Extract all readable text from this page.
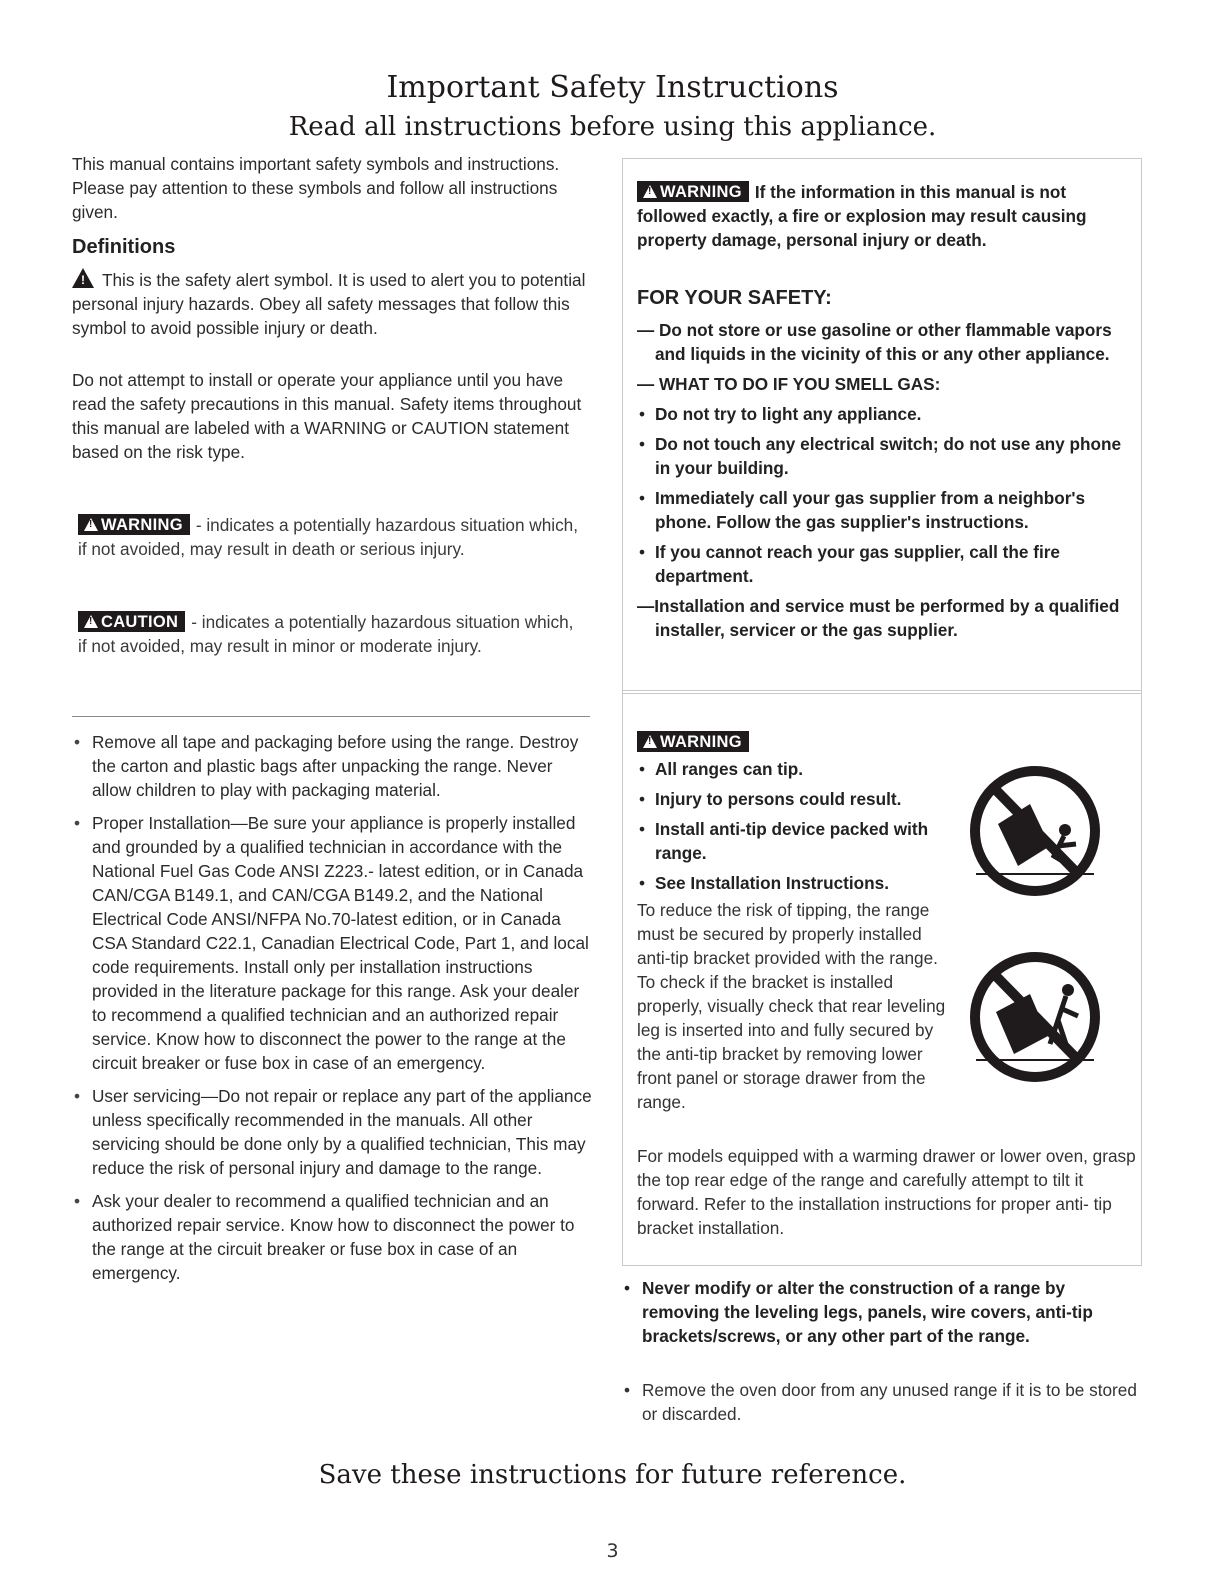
Important Safety Instructions
Read all instructions before using this appliance.
This manual contains important safety symbols and instructions. Please pay attention to these symbols and follow all instructions given.
Definitions
!This is the safety alert symbol. It is used to alert you to potential personal injury hazards. Obey all safety messages that follow this symbol to avoid possible injury or death.
Do not attempt to install or operate your appliance until you have read the safety precautions in this manual. Safety items throughout this manual are labeled with a WARNING or CAUTION statement based on the risk type.
!WARNING - indicates a potentially hazardous situation which, if not avoided, may result in death or serious injury.
!CAUTION - indicates a potentially hazardous situation which, if not avoided, may result in minor or moderate injury.
• Remove all tape and packaging before using the range. Destroy the carton and plastic bags after unpacking the range. Never allow children to play with packaging material.
• Proper Installation—Be sure your appliance is properly installed and grounded by a qualified technician in accordance with the National Fuel Gas Code ANSI Z223.- latest edition, or in Canada CAN/CGA B149.1, and CAN/CGA B149.2, and the National Electrical Code ANSI/NFPA No.70-latest edition, or in Canada CSA Standard C22.1, Canadian Electrical Code, Part 1, and local code requirements. Install only per installation instructions provided in the literature package for this range. Ask your dealer to recommend a qualified technician and an authorized repair service. Know how to disconnect the power to the range at the circuit breaker or fuse box in case of an emergency.
• User servicing—Do not repair or replace any part of the appliance unless specifically recommended in the manuals. All other servicing should be done only by a qualified technician, This may reduce the risk of personal injury and damage to the range.
• Ask your dealer to recommend a qualified technician and an authorized repair service. Know how to disconnect the power to the range at the circuit breaker or fuse box in case of an emergency.
!WARNING If the information in this manual is not followed exactly, a fire or explosion may result causing property damage, personal injury or death.
FOR YOUR SAFETY:
— Do not store or use gasoline or other flammable vapors and liquids in the vicinity of this or any other appliance.
— WHAT TO DO IF YOU SMELL GAS:
• Do not try to light any appliance.
• Do not touch any electrical switch; do not use any phone in your building.
• Immediately call your gas supplier from a neighbor's phone. Follow the gas supplier's instructions.
• If you cannot reach your gas supplier, call the fire department.
—Installation and service must be performed by a qualified installer, servicer or the gas supplier.
!WARNING
• All ranges can tip.
• Injury to persons could result.
• Install anti-tip device packed with range.
• See Installation Instructions.
To reduce the risk of tipping, the range must be secured by properly installed anti-tip bracket provided with the range. To check if the bracket is installed properly, visually check that rear leveling leg is inserted into and fully secured by the anti-tip bracket by removing lower front panel or storage drawer from the range.
For models equipped with a warming drawer or lower oven, grasp the top rear edge of the range and carefully attempt to tilt it forward. Refer to the installation instructions for proper anti- tip bracket installation.
• Never modify or alter the construction of a range by removing the leveling legs, panels, wire covers, anti-tip brackets/screws, or any other part of the range.
• Remove the oven door from any unused range if it is to be stored or discarded.
Save these instructions for future reference.
3
